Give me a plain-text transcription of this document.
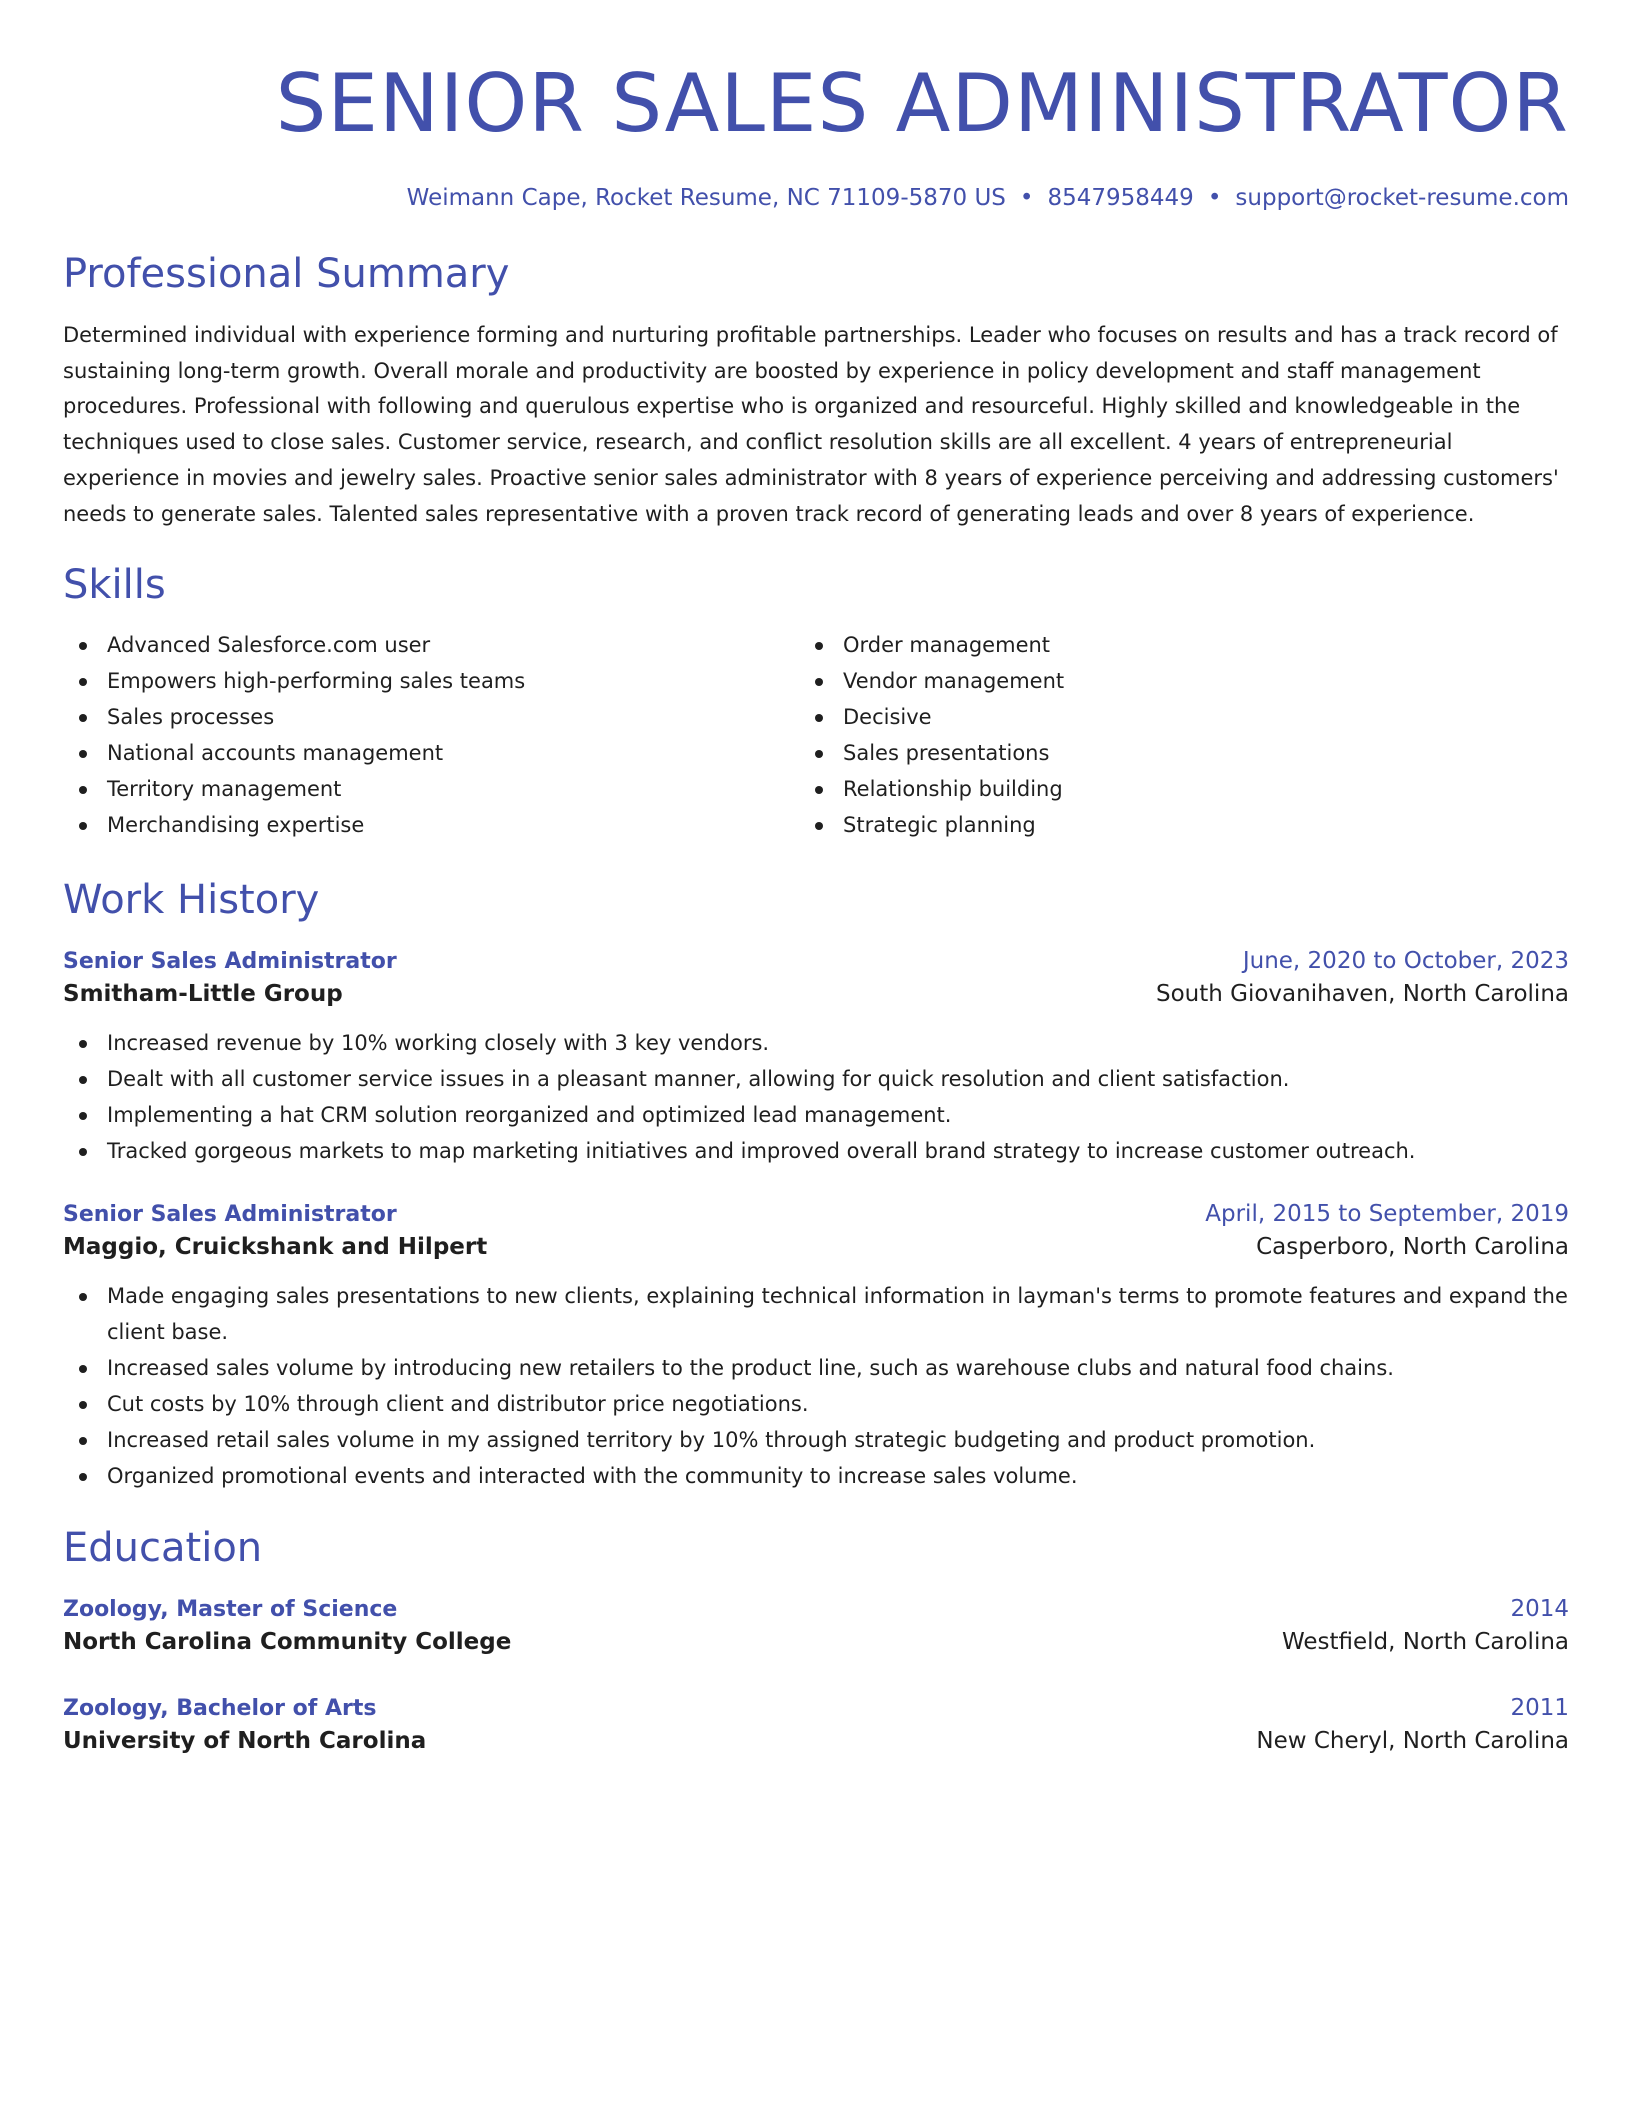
SENIOR SALES ADMINISTRATOR
Weimann Cape, Rocket Resume, NC 71109-5870 US • 8547958449 • support@rocket-resume.com
Professional Summary
Determined individual with experience forming and nurturing profitable partnerships. Leader who focuses on results and has a track record of sustaining long-term growth. Overall morale and productivity are boosted by experience in policy development and staff management procedures. Professional with following and querulous expertise who is organized and resourceful. Highly skilled and knowledgeable in the techniques used to close sales. Customer service, research, and conflict resolution skills are all excellent. 4 years of entrepreneurial experience in movies and jewelry sales. Proactive senior sales administrator with 8 years of experience perceiving and addressing customers' needs to generate sales. Talented sales representative with a proven track record of generating leads and over 8 years of experience.
Skills
Advanced Salesforce.com user
Empowers high-performing sales teams
Sales processes
National accounts management
Territory management
Merchandising expertise
Order management
Vendor management
Decisive
Sales presentations
Relationship building
Strategic planning
Work History
Senior Sales Administrator	June, 2020 to October, 2023
Smitham-Little Group	South Giovanihaven, North Carolina
Increased revenue by 10% working closely with 3 key vendors.
Dealt with all customer service issues in a pleasant manner, allowing for quick resolution and client satisfaction.
Implementing a hat CRM solution reorganized and optimized lead management.
Tracked gorgeous markets to map marketing initiatives and improved overall brand strategy to increase customer outreach.
Senior Sales Administrator	April, 2015 to September, 2019
Maggio, Cruickshank and Hilpert	Casperboro, North Carolina
Made engaging sales presentations to new clients, explaining technical information in layman's terms to promote features and expand the client base.
Increased sales volume by introducing new retailers to the product line, such as warehouse clubs and natural food chains.
Cut costs by 10% through client and distributor price negotiations.
Increased retail sales volume in my assigned territory by 10% through strategic budgeting and product promotion.
Organized promotional events and interacted with the community to increase sales volume.
Education
Zoology, Master of Science	2014
North Carolina Community College	Westfield, North Carolina
Zoology, Bachelor of Arts	2011
University of North Carolina	New Cheryl, North Carolina
